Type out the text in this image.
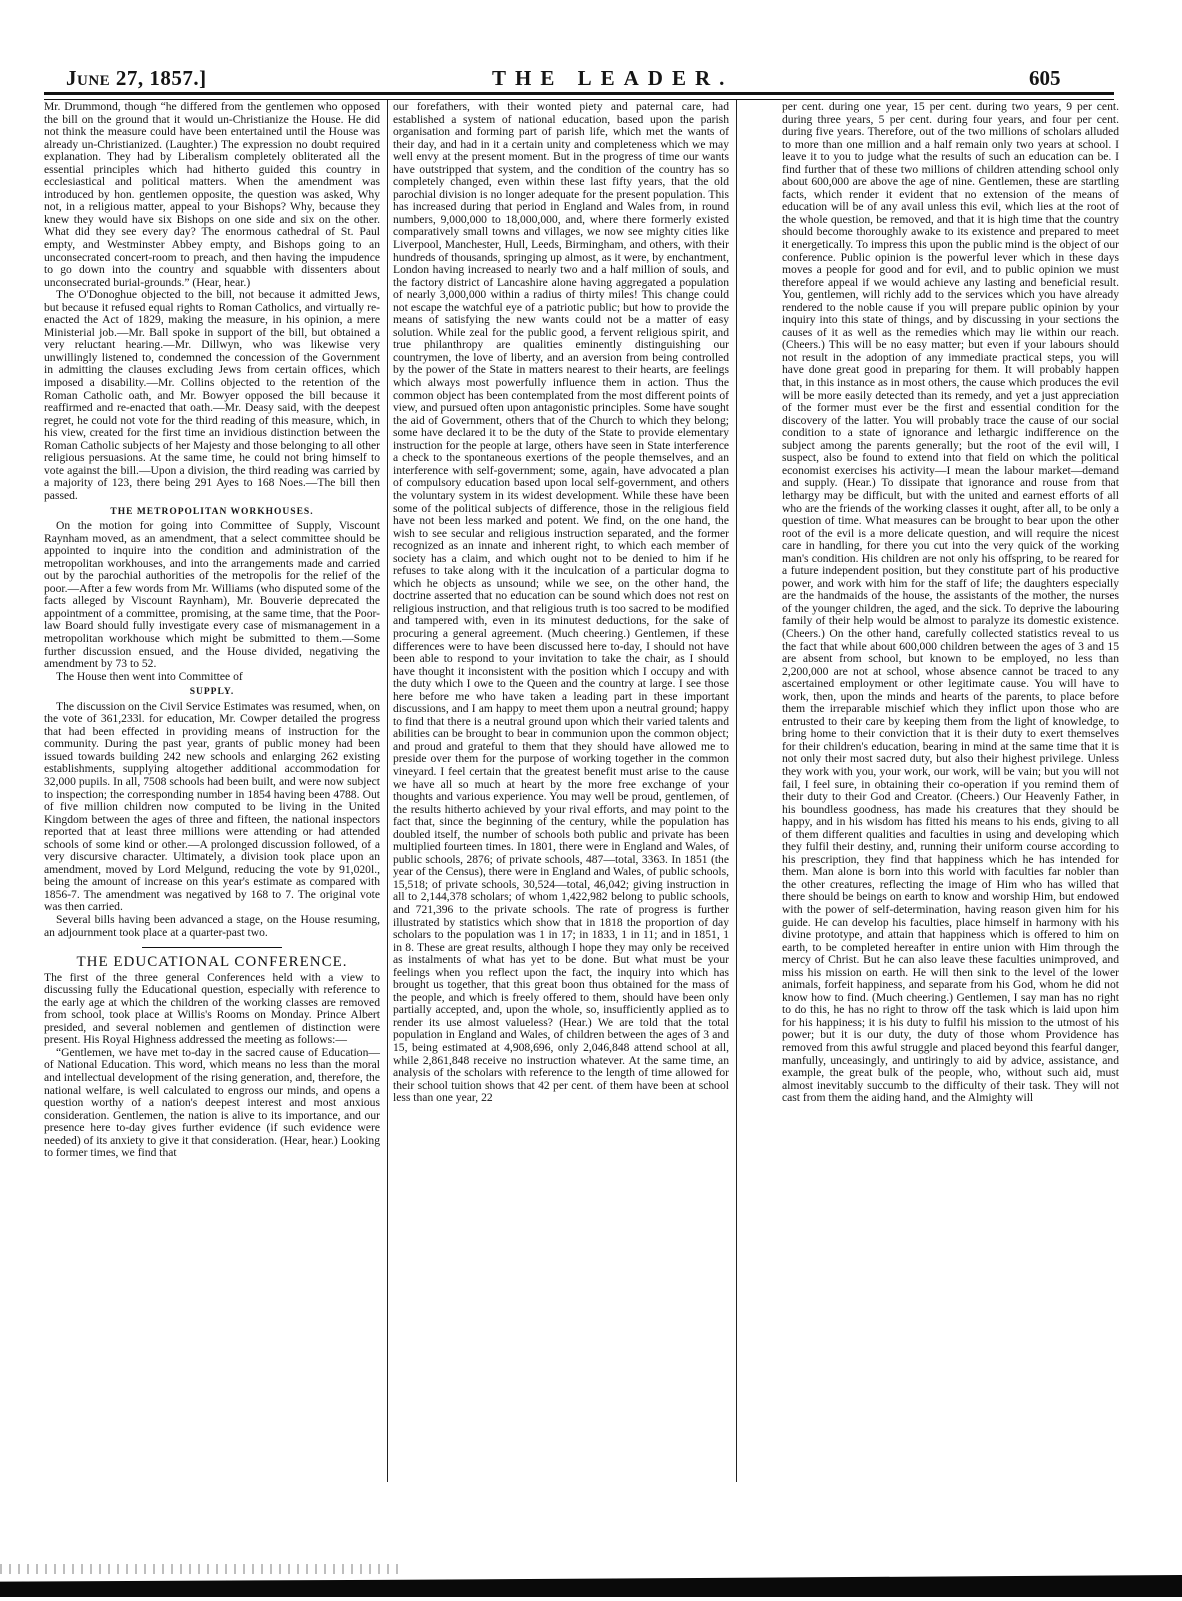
June 27, 1857.]	THE LEADER.	605

Mr. Drummond, though “he differed from the gentlemen who opposed the bill on the ground that it would un-Christianize the House. He did not think the measure could have been entertained until the House was already un-Christianized. (Laughter.) The expression no doubt required explanation. They had by Liberalism completely obliterated all the essential principles which had hitherto guided this country in ecclesiastical and political matters. When the amendment was introduced by hon. gentlemen opposite, the question was asked, Why not, in a religious matter, appeal to your Bishops? Why, because they knew they would have six Bishops on one side and six on the other. What did they see every day? The enormous cathedral of St. Paul empty, and Westminster Abbey empty, and Bishops going to an unconsecrated concert-room to preach, and then having the impudence to go down into the country and squabble with dissenters about unconsecrated burial-grounds.” (Hear, hear.)

The O'Donoghue objected to the bill, not because it admitted Jews, but because it refused equal rights to Roman Catholics, and virtually re-enacted the Act of 1829, making the measure, in his opinion, a mere Ministerial job.—Mr. Ball spoke in support of the bill, but obtained a very reluctant hearing.—Mr. Dillwyn, who was likewise very unwillingly listened to, condemned the concession of the Government in admitting the clauses excluding Jews from certain offices, which imposed a disability.—Mr. Collins objected to the retention of the Roman Catholic oath, and Mr. Bowyer opposed the bill because it reaffirmed and re-enacted that oath.—Mr. Deasy said, with the deepest regret, he could not vote for the third reading of this measure, which, in his view, created for the first time an invidious distinction between the Roman Catholic subjects of her Majesty and those belonging to all other religious persuasions. At the same time, he could not bring himself to vote against the bill.—Upon a division, the third reading was carried by a majority of 123, there being 291 Ayes to 168 Noes.—The bill then passed.

THE METROPOLITAN WORKHOUSES.

On the motion for going into Committee of Supply, Viscount Raynham moved, as an amendment, that a select committee should be appointed to inquire into the condition and administration of the metropolitan workhouses, and into the arrangements made and carried out by the parochial authorities of the metropolis for the relief of the poor.—After a few words from Mr. Williams (who disputed some of the facts alleged by Viscount Raynham), Mr. Bouverie deprecated the appointment of a committee, promising, at the same time, that the Poor-law Board should fully investigate every case of mismanagement in a metropolitan workhouse which might be submitted to them.—Some further discussion ensued, and the House divided, negativing the amendment by 73 to 52.

The House then went into Committee of

SUPPLY.

The discussion on the Civil Service Estimates was resumed, when, on the vote of 361,233l. for education, Mr. Cowper detailed the progress that had been effected in providing means of instruction for the community. During the past year, grants of public money had been issued towards building 242 new schools and enlarging 262 existing establishments, supplying altogether additional accommodation for 32,000 pupils. In all, 7508 schools had been built, and were now subject to inspection; the corresponding number in 1854 having been 4788. Out of five million children now computed to be living in the United Kingdom between the ages of three and fifteen, the national inspectors reported that at least three millions were attending or had attended schools of some kind or other.—A prolonged discussion followed, of a very discursive character. Ultimately, a division took place upon an amendment, moved by Lord Melgund, reducing the vote by 91,020l., being the amount of increase on this year's estimate as compared with 1856-7. The amendment was negatived by 168 to 7. The original vote was then carried.

Several bills having been advanced a stage, on the House resuming, an adjournment took place at a quarter-past two.

THE EDUCATIONAL CONFERENCE.

The first of the three general Conferences held with a view to discussing fully the Educational question, especially with reference to the early age at which the children of the working classes are removed from school, took place at Willis's Rooms on Monday. Prince Albert presided, and several noblemen and gentlemen of distinction were present. His Royal Highness addressed the meeting as follows:—

“Gentlemen, we have met to-day in the sacred cause of Education—of National Education. This word, which means no less than the moral and intellectual development of the rising generation, and, therefore, the national welfare, is well calculated to engross our minds, and opens a question worthy of a nation's deepest interest and most anxious consideration. Gentlemen, the nation is alive to its importance, and our presence here to-day gives further evidence (if such evidence were needed) of its anxiety to give it that consideration. (Hear, hear.) Looking to former times, we find that

our forefathers, with their wonted piety and paternal care, had established a system of national education, based upon the parish organisation and forming part of parish life, which met the wants of their day, and had in it a certain unity and completeness which we may well envy at the present moment. But in the progress of time our wants have outstripped that system, and the condition of the country has so completely changed, even within these last fifty years, that the old parochial division is no longer adequate for the present population. This has increased during that period in England and Wales from, in round numbers, 9,000,000 to 18,000,000, and, where there formerly existed comparatively small towns and villages, we now see mighty cities like Liverpool, Manchester, Hull, Leeds, Birmingham, and others, with their hundreds of thousands, springing up almost, as it were, by enchantment, London having increased to nearly two and a half million of souls, and the factory district of Lancashire alone having aggregated a population of nearly 3,000,000 within a radius of thirty miles! This change could not escape the watchful eye of a patriotic public; but how to provide the means of satisfying the new wants could not be a matter of easy solution. While zeal for the public good, a fervent religious spirit, and true philanthropy are qualities eminently distinguishing our countrymen, the love of liberty, and an aversion from being controlled by the power of the State in matters nearest to their hearts, are feelings which always most powerfully influence them in action. Thus the common object has been contemplated from the most different points of view, and pursued often upon antagonistic principles. Some have sought the aid of Government, others that of the Church to which they belong; some have declared it to be the duty of the State to provide elementary instruction for the people at large, others have seen in State interference a check to the spontaneous exertions of the people themselves, and an interference with self-government; some, again, have advocated a plan of compulsory education based upon local self-government, and others the voluntary system in its widest development. While these have been some of the political subjects of difference, those in the religious field have not been less marked and potent. We find, on the one hand, the wish to see secular and religious instruction separated, and the former recognized as an innate and inherent right, to which each member of society has a claim, and which ought not to be denied to him if he refuses to take along with it the inculcation of a particular dogma to which he objects as unsound; while we see, on the other hand, the doctrine asserted that no education can be sound which does not rest on religious instruction, and that religious truth is too sacred to be modified and tampered with, even in its minutest deductions, for the sake of procuring a general agreement. (Much cheering.) Gentlemen, if these differences were to have been discussed here to-day, I should not have been able to respond to your invitation to take the chair, as I should have thought it inconsistent with the position which I occupy and with the duty which I owe to the Queen and the country at large. I see those here before me who have taken a leading part in these important discussions, and I am happy to meet them upon a neutral ground; happy to find that there is a neutral ground upon which their varied talents and abilities can be brought to bear in communion upon the common object; and proud and grateful to them that they should have allowed me to preside over them for the purpose of working together in the common vineyard. I feel certain that the greatest benefit must arise to the cause we have all so much at heart by the more free exchange of your thoughts and various experience. You may well be proud, gentlemen, of the results hitherto achieved by your rival efforts, and may point to the fact that, since the beginning of the century, while the population has doubled itself, the number of schools both public and private has been multiplied fourteen times. In 1801, there were in England and Wales, of public schools, 2876; of private schools, 487—total, 3363. In 1851 (the year of the Census), there were in England and Wales, of public schools, 15,518; of private schools, 30,524—total, 46,042; giving instruction in all to 2,144,378 scholars; of whom 1,422,982 belong to public schools, and 721,396 to the private schools. The rate of progress is further illustrated by statistics which show that in 1818 the proportion of day scholars to the population was 1 in 17; in 1833, 1 in 11; and in 1851, 1 in 8. These are great results, although I hope they may only be received as instalments of what has yet to be done. But what must be your feelings when you reflect upon the fact, the inquiry into which has brought us together, that this great boon thus obtained for the mass of the people, and which is freely offered to them, should have been only partially accepted, and, upon the whole, so, insufficiently applied as to render its use almost valueless? (Hear.) We are told that the total population in England and Wales, of children between the ages of 3 and 15, being estimated at 4,908,696, only 2,046,848 attend school at all, while 2,861,848 receive no instruction whatever. At the same time, an analysis of the scholars with reference to the length of time allowed for their school tuition shows that 42 per cent. of them have been at school less than one year, 22

per cent. during one year, 15 per cent. during two years, 9 per cent. during three years, 5 per cent. during four years, and four per cent. during five years. Therefore, out of the two millions of scholars alluded to more than one million and a half remain only two years at school. I leave it to you to judge what the results of such an education can be. I find further that of these two millions of children attending school only about 600,000 are above the age of nine. Gentlemen, these are startling facts, which render it evident that no extension of the means of education will be of any avail unless this evil, which lies at the root of the whole question, be removed, and that it is high time that the country should become thoroughly awake to its existence and prepared to meet it energetically. To impress this upon the public mind is the object of our conference. Public opinion is the powerful lever which in these days moves a people for good and for evil, and to public opinion we must therefore appeal if we would achieve any lasting and beneficial result. You, gentlemen, will richly add to the services which you have already rendered to the noble cause if you will prepare public opinion by your inquiry into this state of things, and by discussing in your sections the causes of it as well as the remedies which may lie within our reach. (Cheers.) This will be no easy matter; but even if your labours should not result in the adoption of any immediate practical steps, you will have done great good in preparing for them. It will probably happen that, in this instance as in most others, the cause which produces the evil will be more easily detected than its remedy, and yet a just appreciation of the former must ever be the first and essential condition for the discovery of the latter. You will probably trace the cause of our social condition to a state of ignorance and lethargic indifference on the subject among the parents generally; but the root of the evil will, I suspect, also be found to extend into that field on which the political economist exercises his activity—I mean the labour market—demand and supply. (Hear.) To dissipate that ignorance and rouse from that lethargy may be difficult, but with the united and earnest efforts of all who are the friends of the working classes it ought, after all, to be only a question of time. What measures can be brought to bear upon the other root of the evil is a more delicate question, and will require the nicest care in handling, for there you cut into the very quick of the working man's condition. His children are not only his offspring, to be reared for a future independent position, but they constitute part of his productive power, and work with him for the staff of life; the daughters especially are the handmaids of the house, the assistants of the mother, the nurses of the younger children, the aged, and the sick. To deprive the labouring family of their help would be almost to paralyze its domestic existence. (Cheers.) On the other hand, carefully collected statistics reveal to us the fact that while about 600,000 children between the ages of 3 and 15 are absent from school, but known to be employed, no less than 2,200,000 are not at school, whose absence cannot be traced to any ascertained employment or other legitimate cause. You will have to work, then, upon the minds and hearts of the parents, to place before them the irreparable mischief which they inflict upon those who are entrusted to their care by keeping them from the light of knowledge, to bring home to their conviction that it is their duty to exert themselves for their children's education, bearing in mind at the same time that it is not only their most sacred duty, but also their highest privilege. Unless they work with you, your work, our work, will be vain; but you will not fail, I feel sure, in obtaining their co-operation if you remind them of their duty to their God and Creator. (Cheers.) Our Heavenly Father, in his boundless goodness, has made his creatures that they should be happy, and in his wisdom has fitted his means to his ends, giving to all of them different qualities and faculties in using and developing which they fulfil their destiny, and, running their uniform course according to his prescription, they find that happiness which he has intended for them. Man alone is born into this world with faculties far nobler than the other creatures, reflecting the image of Him who has willed that there should be beings on earth to know and worship Him, but endowed with the power of self-determination, having reason given him for his guide. He can develop his faculties, place himself in harmony with his divine prototype, and attain that happiness which is offered to him on earth, to be completed hereafter in entire union with Him through the mercy of Christ. But he can also leave these faculties unimproved, and miss his mission on earth. He will then sink to the level of the lower animals, forfeit happiness, and separate from his God, whom he did not know how to find. (Much cheering.) Gentlemen, I say man has no right to do this, he has no right to throw off the task which is laid upon him for his happiness; it is his duty to fulfil his mission to the utmost of his power; but it is our duty, the duty of those whom Providence has removed from this awful struggle and placed beyond this fearful danger, manfully, unceasingly, and untiringly to aid by advice, assistance, and example, the great bulk of the people, who, without such aid, must almost inevitably succumb to the difficulty of their task. They will not cast from them the aiding hand, and the Almighty will
